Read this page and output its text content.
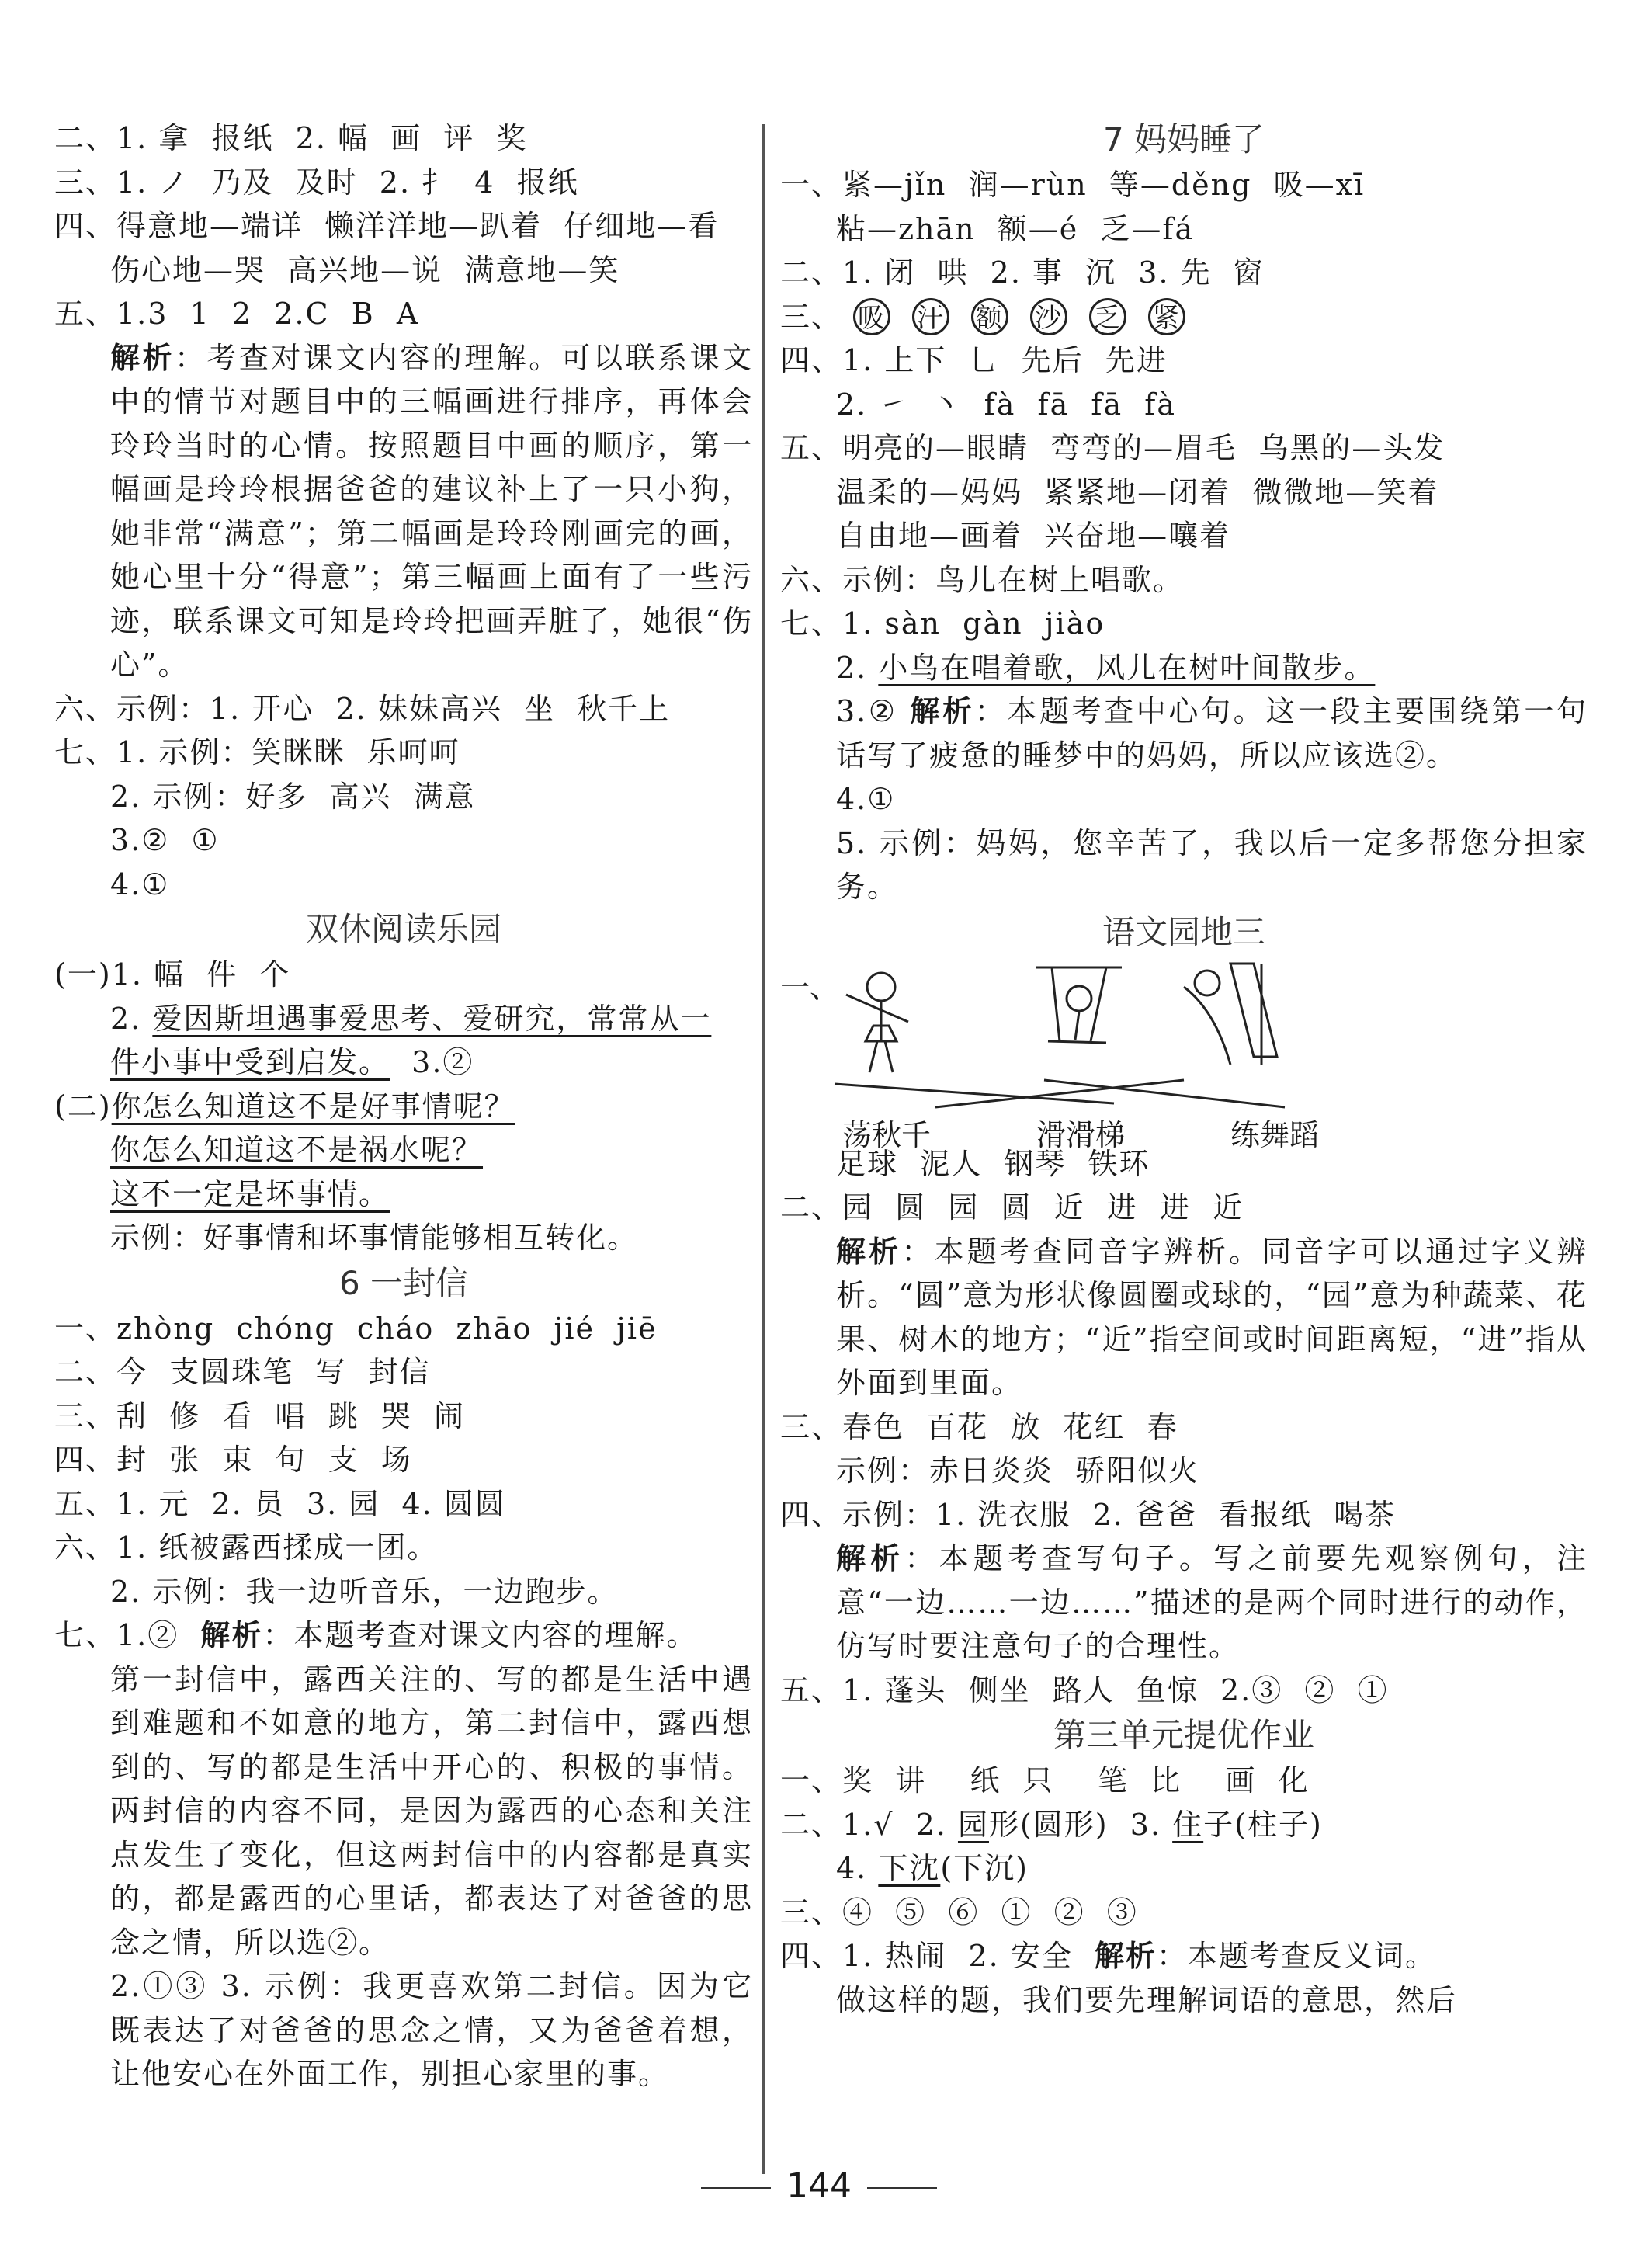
二、1. 拿  报纸  2. 幅  画  评  奖
三、1. ノ  乃及  及时  2. 扌  4  报纸
四、得意地—端详  懒洋洋地—趴着  仔细地—看
伤心地—哭  高兴地—说  满意地—笑
五、1.3  1  2  2.C  B  A
解析：考查对课文内容的理解。可以联系课文中的情节对题目中的三幅画进行排序，再体会玲玲当时的心情。按照题目中画的顺序，第一幅画是玲玲根据爸爸的建议补上了一只小狗，她非常“满意”；第二幅画是玲玲刚画完的画，她心里十分“得意”；第三幅画上面有了一些污迹，联系课文可知是玲玲把画弄脏了，她很“伤心”。
六、示例：1. 开心  2. 妹妹高兴  坐  秋千上
七、1. 示例：笑眯眯  乐呵呵
2. 示例：好多  高兴  满意
3.②  ①
4.①
双休阅读乐园
(一)1. 幅  件  个
2. 爱因斯坦遇事爱思考、爱研究，常常从一
件小事中受到启发。  3.②
(二)你怎么知道这不是好事情呢？
你怎么知道这不是祸水呢？
这不一定是坏事情。
示例：好事情和坏事情能够相互转化。
6 一封信
一、zhòng  chóng  cháo  zhāo  jié  jiē
二、今  支圆珠笔  写  封信
三、刮  修  看  唱  跳  哭  闹
四、封  张  束  句  支  场
五、1. 元  2. 员  3. 园  4. 圆圆
六、1. 纸被露西揉成一团。
2. 示例：我一边听音乐，一边跑步。
七、1.②  解析：本题考查对课文内容的理解。
第一封信中，露西关注的、写的都是生活中遇到难题和不如意的地方，第二封信中，露西想到的、写的都是生活中开心的、积极的事情。两封信的内容不同，是因为露西的心态和关注点发生了变化，但这两封信中的内容都是真实的，都是露西的心里话，都表达了对爸爸的思念之情，所以选②。
2.①③ 3. 示例：我更喜欢第二封信。因为它既表达了对爸爸的思念之情，又为爸爸着想，让他安心在外面工作，别担心家里的事。
7 妈妈睡了
一、紧—jǐn  润—rùn  等—děng  吸—xī
粘—zhān  额—é  乏—fá
二、1. 闭  哄  2. 事  沉  3. 先  窗
三、 吸 汗 额 沙 乏 紧
四、1. 上下  乚  先后  先进
2. ㇀  丶  fà  fā  fā  fà
五、明亮的—眼睛  弯弯的—眉毛  乌黑的—头发
温柔的—妈妈  紧紧地—闭着  微微地—笑着
自由地—画着  兴奋地—嚷着
六、示例：鸟儿在树上唱歌。
七、1. sàn  gàn  jiào
2. 小鸟在唱着歌，风儿在树叶间散步。
3.② 解析：本题考查中心句。这一段主要围绕第一句话写了疲惫的睡梦中的妈妈，所以应该选②。
4.①
5. 示例：妈妈，您辛苦了，我以后一定多帮您分担家务。
语文园地三
一、
荡秋千	滑滑梯	练舞蹈
足球  泥人  钢琴  铁环
二、园  圆  园  圆  近  进  进  近
解析：本题考查同音字辨析。同音字可以通过字义辨析。“圆”意为形状像圆圈或球的，“园”意为种蔬菜、花果、树木的地方；“近”指空间或时间距离短，“进”指从外面到里面。
三、春色  百花  放  花红  春
示例：赤日炎炎  骄阳似火
四、示例：1. 洗衣服  2. 爸爸  看报纸  喝茶
解析：本题考查写句子。写之前要先观察例句，注意“一边……一边……”描述的是两个同时进行的动作，仿写时要注意句子的合理性。
五、1. 蓬头  侧坐  路人  鱼惊  2.③  ②  ①
第三单元提优作业
一、奖  讲    纸  只    笔  比    画  化
二、1.√  2. 园形(圆形)  3. 住子(柱子)
4. 下沈(下沉)
三、④  ⑤  ⑥  ①  ②  ③
四、1. 热闹  2. 安全  解析：本题考查反义词。
做这样的题，我们要先理解词语的意思，然后
144
